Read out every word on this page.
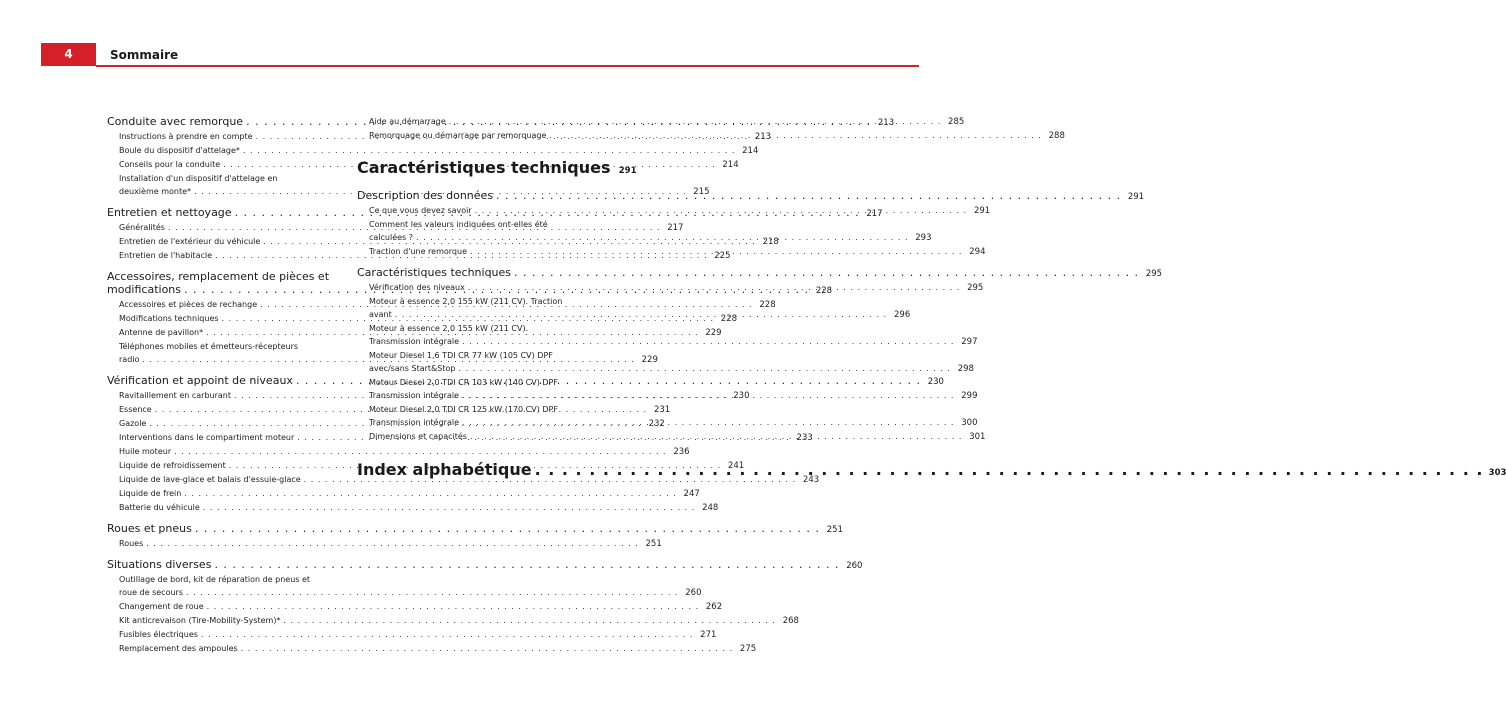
4	Sommaire
Conduite avec remorque . . .	213
Instructions à prendre en compte . . .	213
Boule du dispositif d'attelage* . . .	214
Conseils pour la conduite . . .	214
Installation d'un dispositif d'attelage en
deuxième monte* . . .	215
Entretien et nettoyage . . .	217
Généralités . . .	217
Entretien de l'extérieur du véhicule . . .	218
Entretien de l'habitacle . . .	225
Accessoires, remplacement de pièces et
modifications . . .	228
Accessoires et pièces de rechange . . .	228
Modifications techniques . . .	228
Antenne de pavillon* . . .	229
Téléphones mobiles et émetteurs-récepteurs
radio . . .	229
Vérification et appoint de niveaux . . .	230
Ravitaillement en carburant . . .	230
Essence . . .	231
Gazole . . .	232
Interventions dans le compartiment moteur . . .	233
Huile moteur . . .	236
Liquide de refroidissement . . .	241
Liquide de lave-glace et balais d'essuie-glace . . .	243
Liquide de frein . . .	247
Batterie du véhicule . . .	248
Roues et pneus . . .	251
Roues . . .	251
Situations diverses . . .	260
Outillage de bord, kit de réparation de pneus et
roue de secours . . .	260
Changement de roue . . .	262
Kit anticrevaison (Tire-Mobility-System)* . . .	268
Fusibles électriques . . .	271
Remplacement des ampoules . . .	275
Aide au démarrage . . .	285
Remorquage ou démarrage par remorquage . . .	288
Caractéristiques techniques 291
Description des données . . .	291
Ce que vous devez savoir . . .	291
Comment les valeurs indiquées ont-elles été
calculées ? . . .	293
Traction d'une remorque . . .	294
Caractéristiques techniques . . .	295
Vérification des niveaux . . .	295
Moteur à essence 2,0 155 kW (211 CV). Traction
avant . . .	296
Moteur à essence 2,0 155 kW (211 CV).
Transmission intégrale . . .	297
Moteur Diesel 1,6 TDI CR 77 kW (105 CV) DPF
avec/sans Start&Stop . . .	298
Moteur Diesel 2,0 TDI CR 103 kW (140 CV) DPF
Transmission intégrale . . .	299
Moteur Diesel 2,0 TDI CR 125 kW (170 CV) DPF
Transmission intégrale . . .	300
Dimensions et capacités . . .	301
Index alphabétique . . .	303
